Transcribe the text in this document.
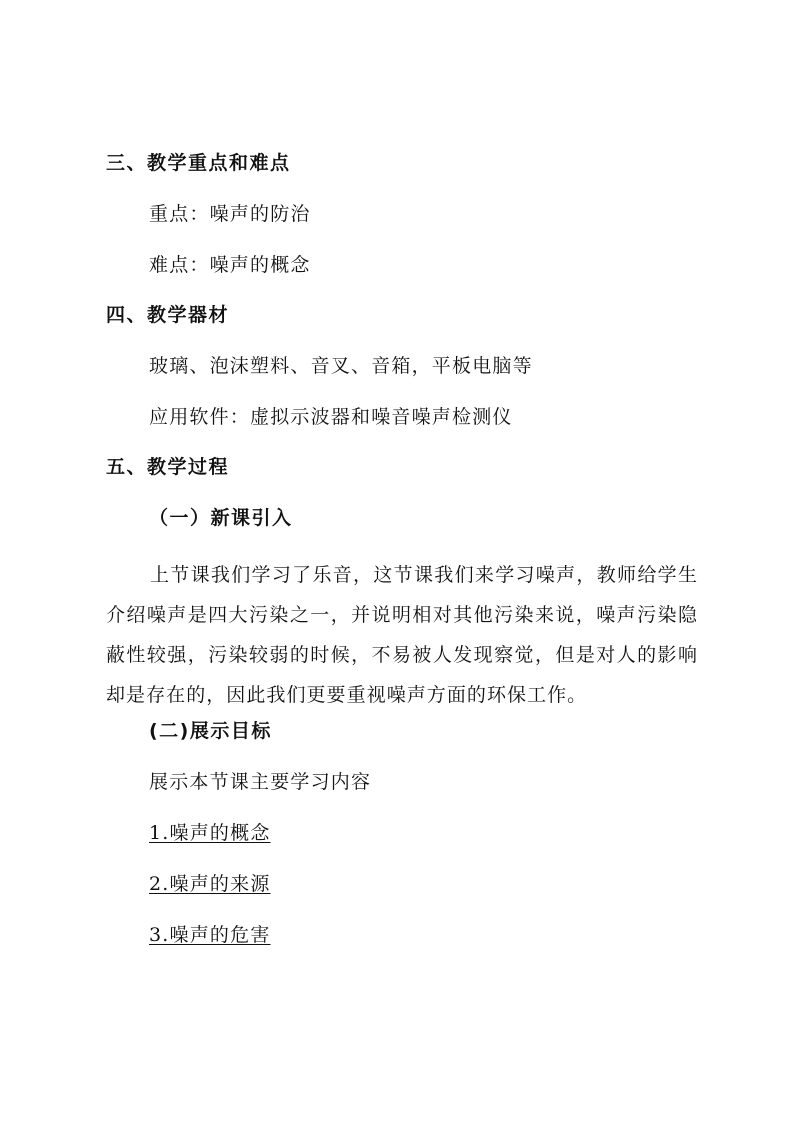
三、教学重点和难点
重点：噪声的防治
难点：噪声的概念
四、教学器材
玻璃、泡沫塑料、音叉、音箱，平板电脑等
应用软件：虚拟示波器和噪音噪声检测仪
五、教学过程
（一）新课引入
上节课我们学习了乐音，这节课我们来学习噪声，教师给学生介绍噪声是四大污染之一，并说明相对其他污染来说，噪声污染隐蔽性较强，污染较弱的时候，不易被人发现察觉，但是对人的影响却是存在的，因此我们更要重视噪声方面的环保工作。
(二)展示目标
展示本节课主要学习内容
1.噪声的概念
2.噪声的来源
3.噪声的危害
